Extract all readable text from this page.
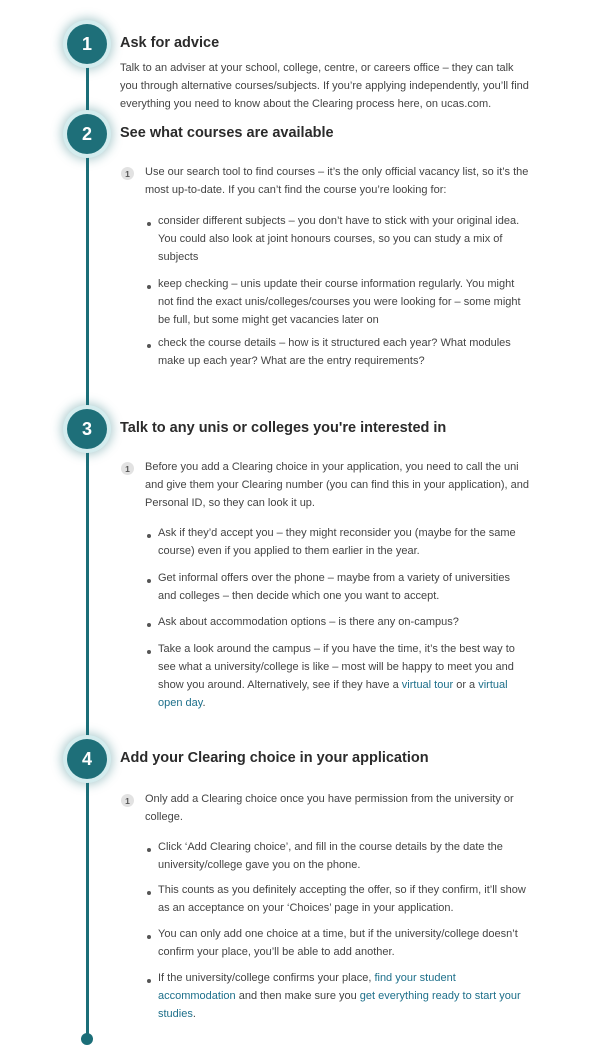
1	Ask for advice

Talk to an adviser at your school, college, centre, or careers office – they can talk you through alternative courses/subjects. If you’re applying independently, you’ll find everything you need to know about the Clearing process here, on ucas.com.

2	See what courses are available
1	Use our search tool to find courses – it’s the only official vacancy list, so it’s the most up-to-date. If you can’t find the course you’re looking for:

consider different subjects – you don’t have to stick with your original idea. You could also look at joint honours courses, so you can study a mix of subjects

keep checking – unis update their course information regularly. You might not find the exact unis/colleges/courses you were looking for – some might be full, but some might get vacancies later on

check the course details – how is it structured each year? What modules make up each year? What are the entry requirements?

3	Talk to any unis or colleges you're interested in
1	Before you add a Clearing choice in your application, you need to call the uni and give them your Clearing number (you can find this in your application), and Personal ID, so they can look it up.

Ask if they’d accept you – they might reconsider you (maybe for the same course) even if you applied to them earlier in the year.

Get informal offers over the phone – maybe from a variety of universities and colleges – then decide which one you want to accept.

Ask about accommodation options – is there any on-campus?

Take a look around the campus – if you have the time, it’s the best way to see what a university/college is like – most will be happy to meet you and show you around. Alternatively, see if they have a virtual tour or a virtual open day.

4	Add your Clearing choice in your application
1	Only add a Clearing choice once you have permission from the university or college.

Click ‘Add Clearing choice’, and fill in the course details by the date the university/college gave you on the phone.

This counts as you definitely accepting the offer, so if they confirm, it’ll show as an acceptance on your ‘Choices’ page in your application.

You can only add one choice at a time, but if the university/college doesn’t confirm your place, you’ll be able to add another.

If the university/college confirms your place, find your student accommodation and then make sure you get everything ready to start your studies.
